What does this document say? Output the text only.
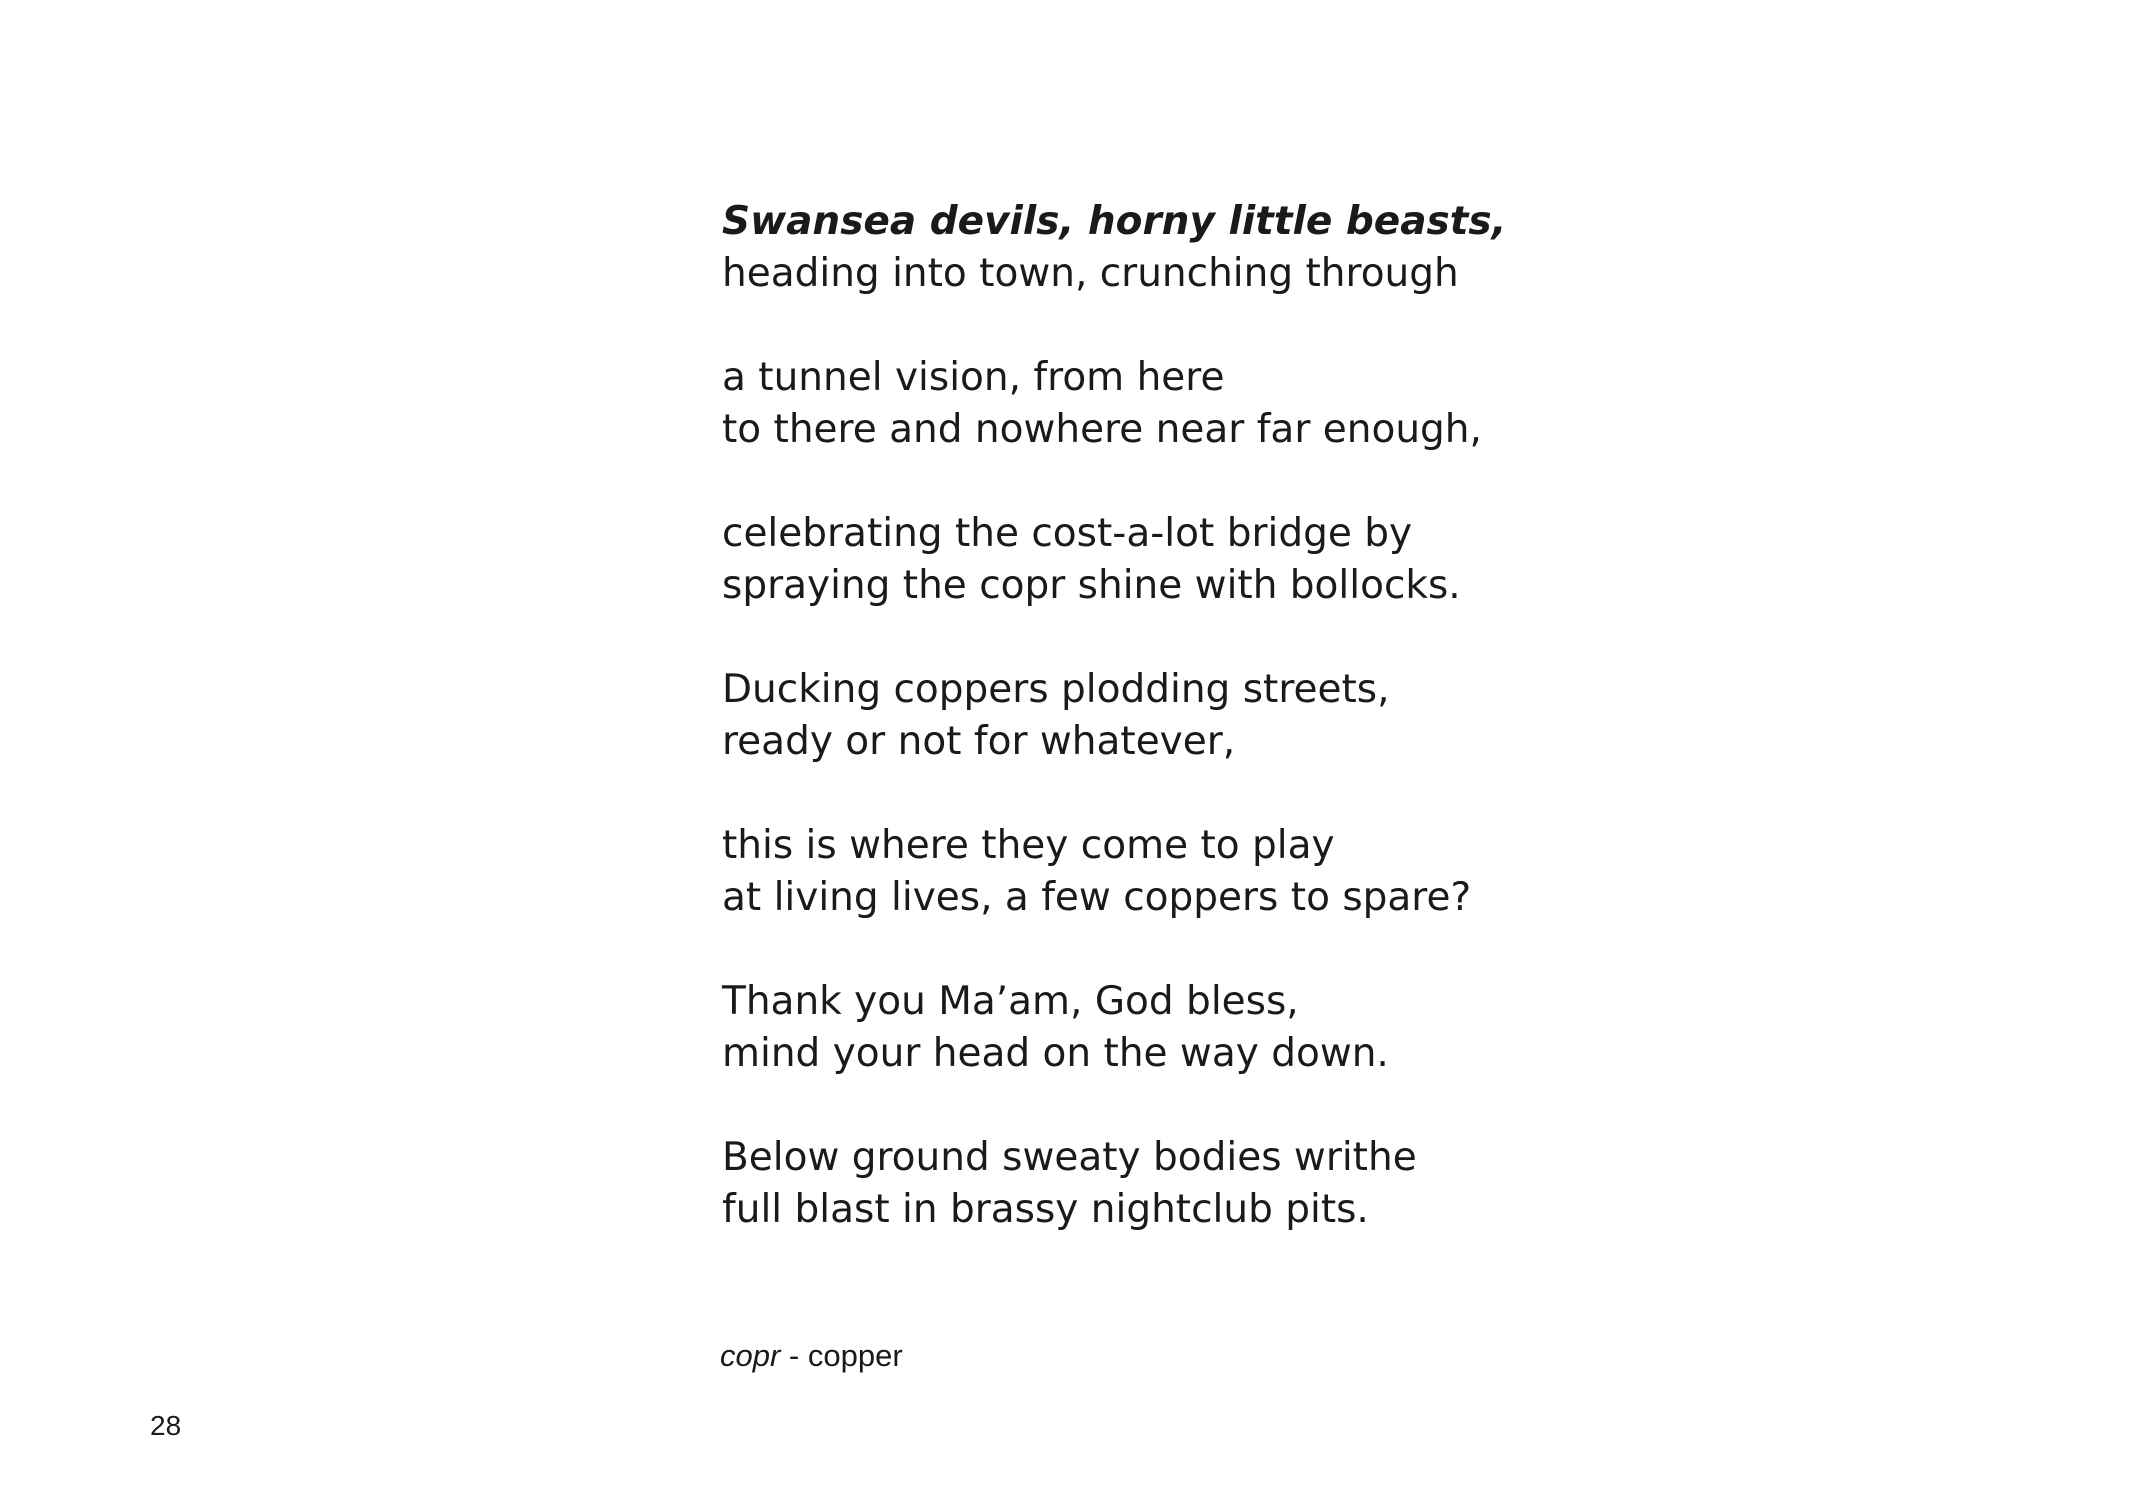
Swansea devils, horny little beasts,
heading into town, crunching through
a tunnel vision, from here
to there and nowhere near far enough,
celebrating the cost-a-lot bridge by
spraying the copr shine with bollocks.
Ducking coppers plodding streets,
ready or not for whatever,
this is where they come to play
at living lives, a few coppers to spare?
Thank you Ma’am, God bless,
mind your head on the way down.
Below ground sweaty bodies writhe
full blast in brassy nightclub pits.
copr - copper
28
